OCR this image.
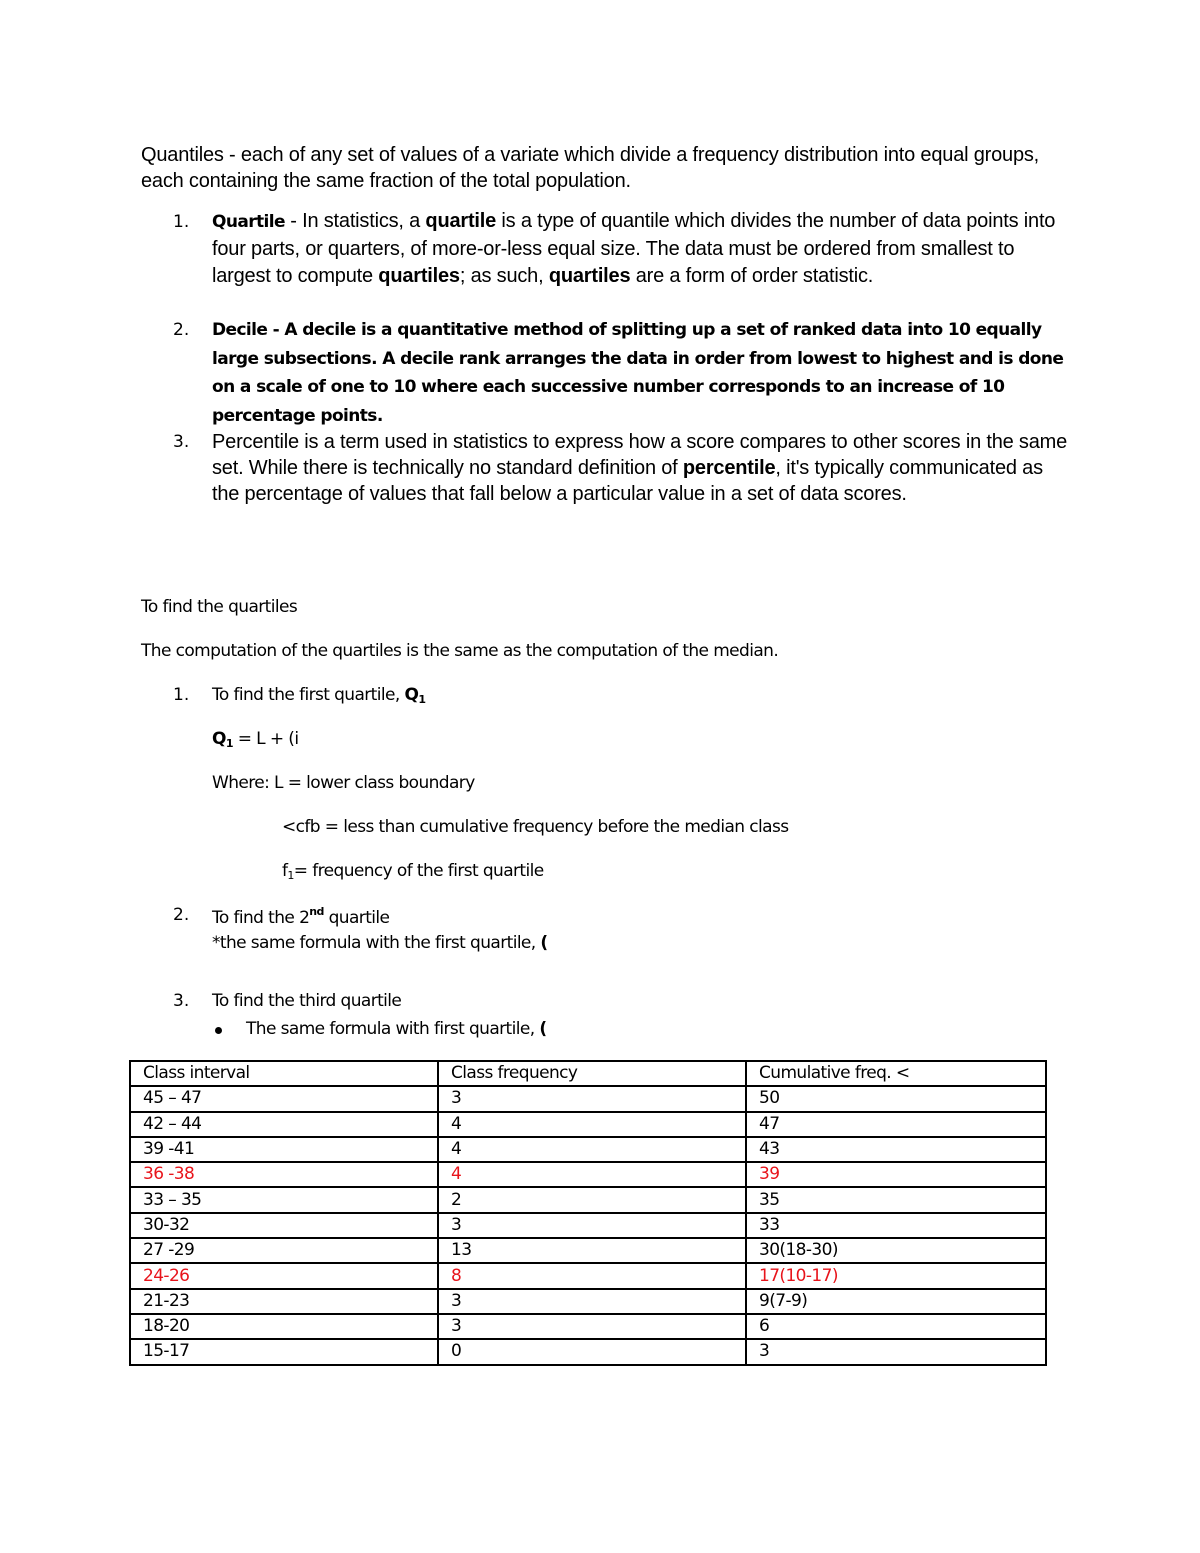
Quantiles - each of any set of values of a variate which divide a frequency distribution into equal groups, each containing the same fraction of the total population.
1.	Quartile - In statistics, a quartile is a type of quantile which divides the number of data points into four parts, or quarters, of more-or-less equal size. The data must be ordered from smallest to largest to compute quartiles; as such, quartiles are a form of order statistic.
2.	Decile - A decile is a quantitative method of splitting up a set of ranked data into 10 equally large subsections. A decile rank arranges the data in order from lowest to highest and is done on a scale of one to 10 where each successive number corresponds to an increase of 10 percentage points.
3.	Percentile is a term used in statistics to express how a score compares to other scores in the same set. While there is technically no standard definition of percentile, it's typically communicated as the percentage of values that fall below a particular value in a set of data scores.
To find the quartiles
The computation of the quartiles is the same as the computation of the median.
1.	To find the first quartile, $Q_1$
$Q_1 = L + (i$
Where: L = lower class boundary
<cfb = less than cumulative frequency before the median class
$f_1=$ frequency of the first quartile
2.	To find the 2nd quartile
*the same formula with the first quartile, (
3.	To find the third quartile
The same formula with first quartile, (
Class interval	Class frequency	Cumulative freq. <
45 – 47	3	50
42 – 44	4	47
39 -41	4	43
36 -38	4	39
33 – 35	2	35
30-32	3	33
27 -29	13	30(18-30)
24-26	8	17(10-17)
21-23	3	9(7-9)
18-20	3	6
15-17	0	3
